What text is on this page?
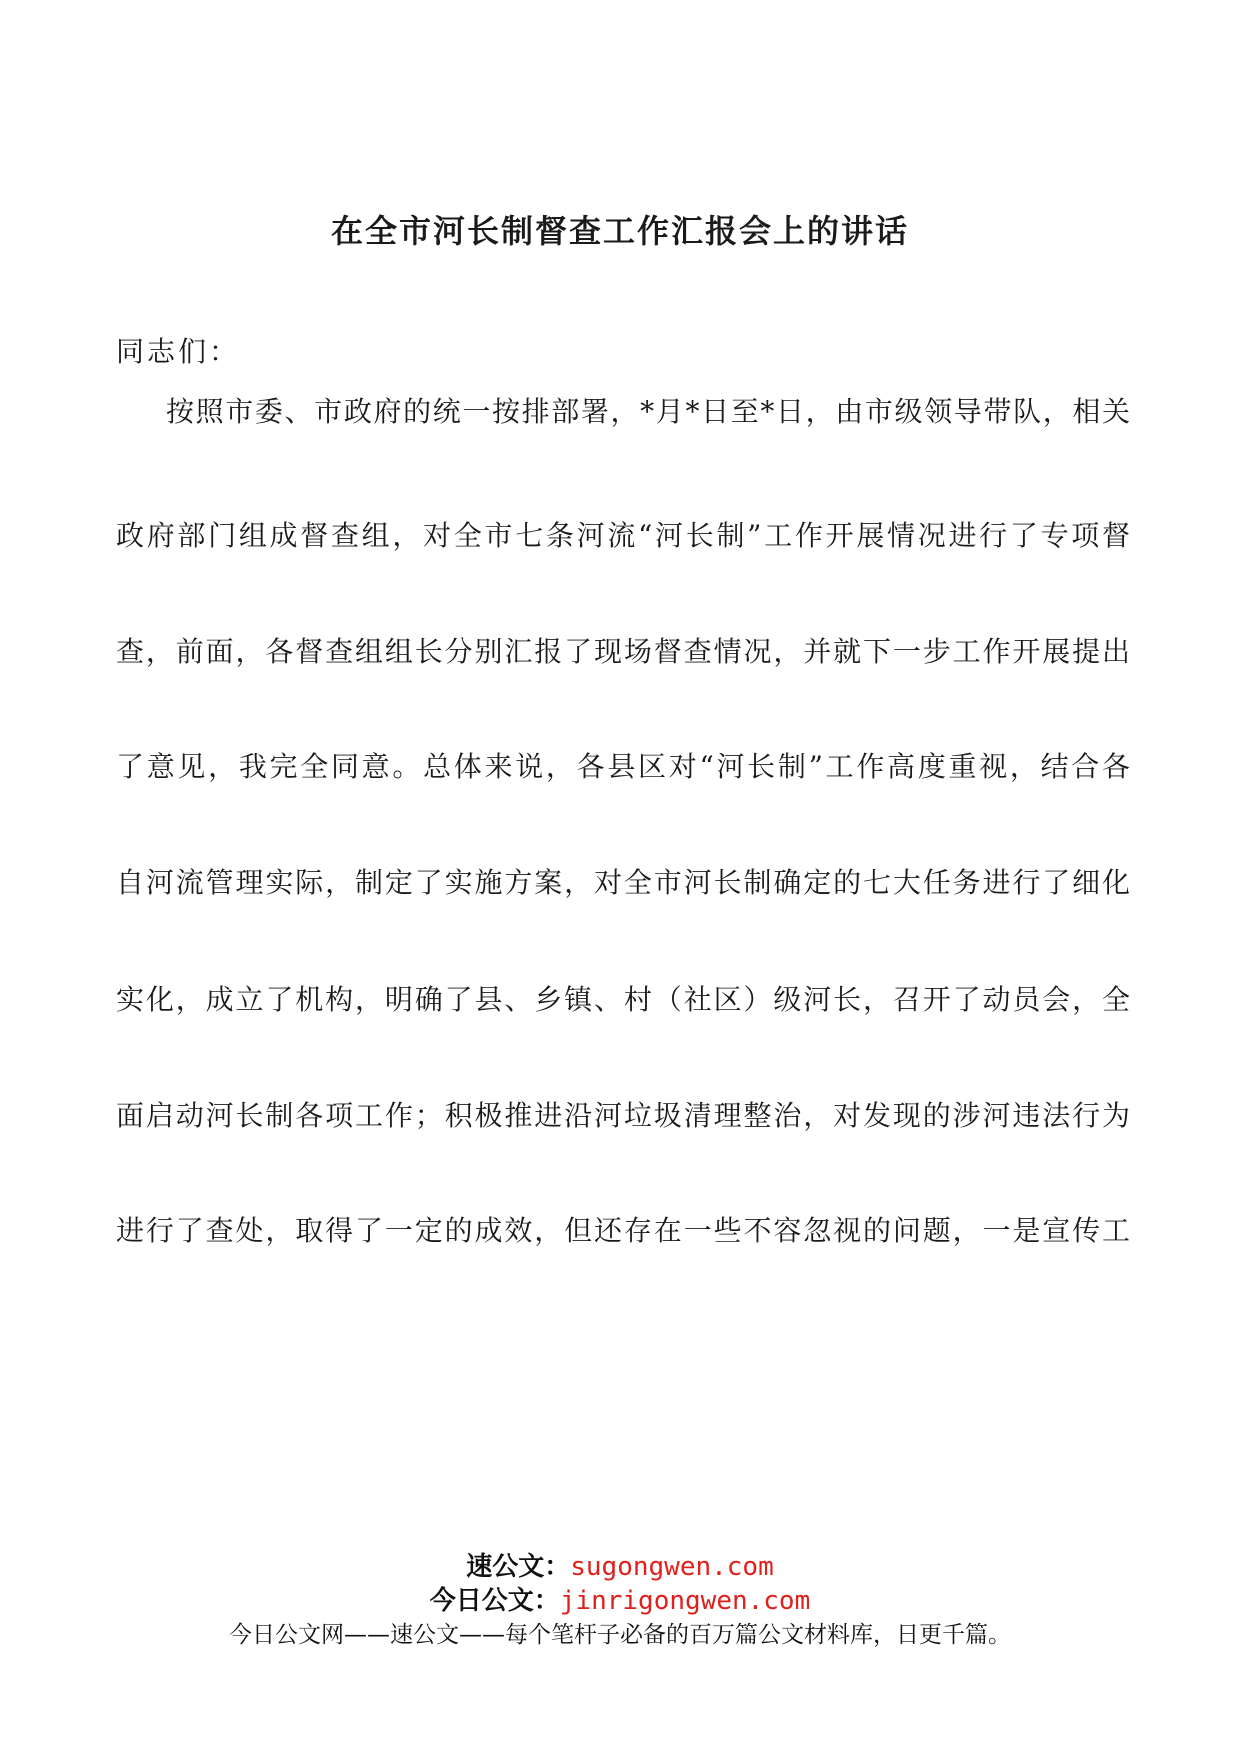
在全市河长制督查工作汇报会上的讲话
同志们：
按照市委、市政府的统一按排部署，*月*日至*日，由市级领导带队，相关
政府部门组成督查组，对全市七条河流“河长制”工作开展情况进行了专项督
查，前面，各督查组组长分别汇报了现场督查情况，并就下一步工作开展提出
了意见，我完全同意。总体来说，各县区对“河长制”工作高度重视，结合各
自河流管理实际，制定了实施方案，对全市河长制确定的七大任务进行了细化
实化，成立了机构，明确了县、乡镇、村（社区）级河长，召开了动员会，全
面启动河长制各项工作；积极推进沿河垃圾清理整治，对发现的涉河违法行为
进行了查处，取得了一定的成效，但还存在一些不容忽视的问题，一是宣传工
速公文：sugongwen.com
今日公文：jinrigongwen.com
今日公文网——速公文——每个笔杆子必备的百万篇公文材料库，日更千篇。
